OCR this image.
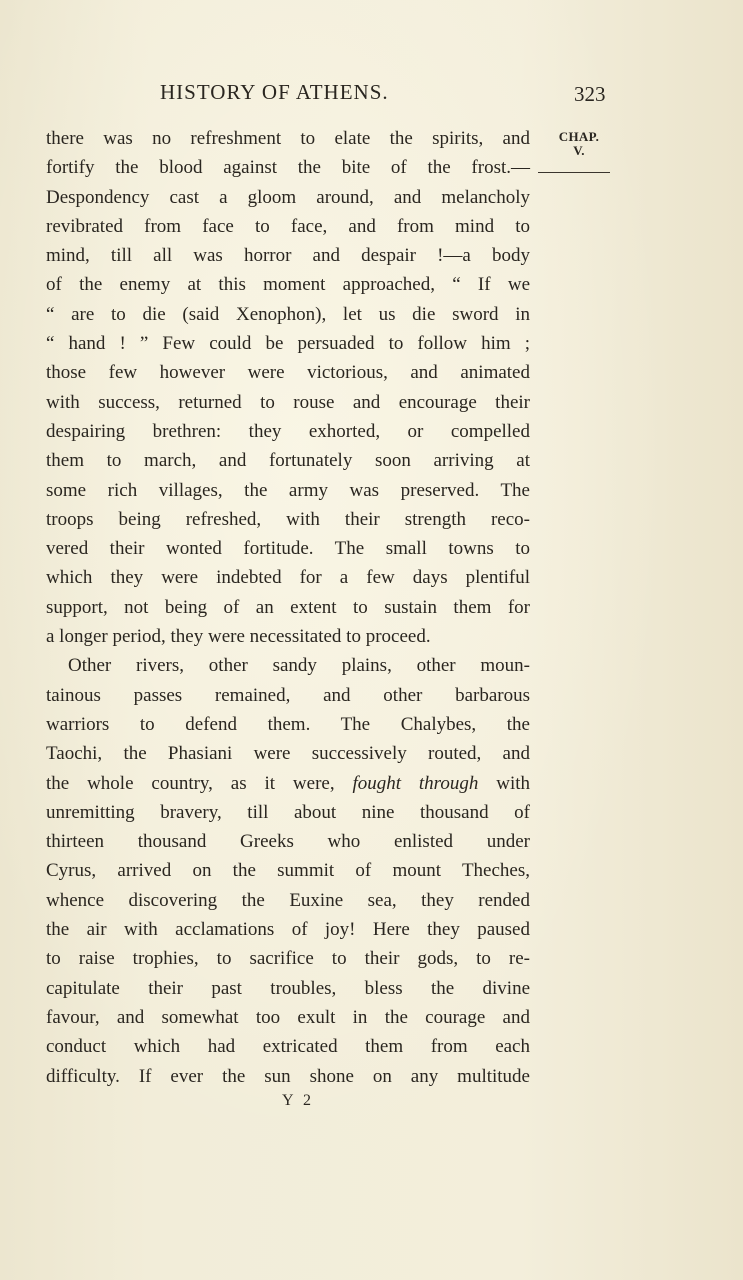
HISTORY OF ATHENS.	323
CHAP.
V.
there was no refreshment to elate the spirits, and
fortify the blood against the bite of the frost.—
Despondency cast a gloom around, and melancholy
revibrated from face to face, and from mind to
mind, till all was horror and despair !—a body
of the enemy at this moment approached, “ If we
“ are to die (said Xenophon), let us die sword in
“ hand ! ” Few could be persuaded to follow him ;
those few however were victorious, and animated
with success, returned to rouse and encourage their
despairing brethren: they exhorted, or compelled
them to march, and fortunately soon arriving at
some rich villages, the army was preserved. The
troops being refreshed, with their strength reco-
vered their wonted fortitude. The small towns to
which they were indebted for a few days plentiful
support, not being of an extent to sustain them for
a longer period, they were necessitated to proceed.
Other rivers, other sandy plains, other moun-
tainous passes remained, and other barbarous
warriors to defend them. The Chalybes, the
Taochi, the Phasiani were successively routed, and
the whole country, as it were, fought through with
unremitting bravery, till about nine thousand of
thirteen thousand Greeks who enlisted under
Cyrus, arrived on the summit of mount Theches,
whence discovering the Euxine sea, they rended
the air with acclamations of joy! Here they paused
to raise trophies, to sacrifice to their gods, to re-
capitulate their past troubles, bless the divine
favour, and somewhat too exult in the courage and
conduct which had extricated them from each
difficulty. If ever the sun shone on any multitude
Y 2
